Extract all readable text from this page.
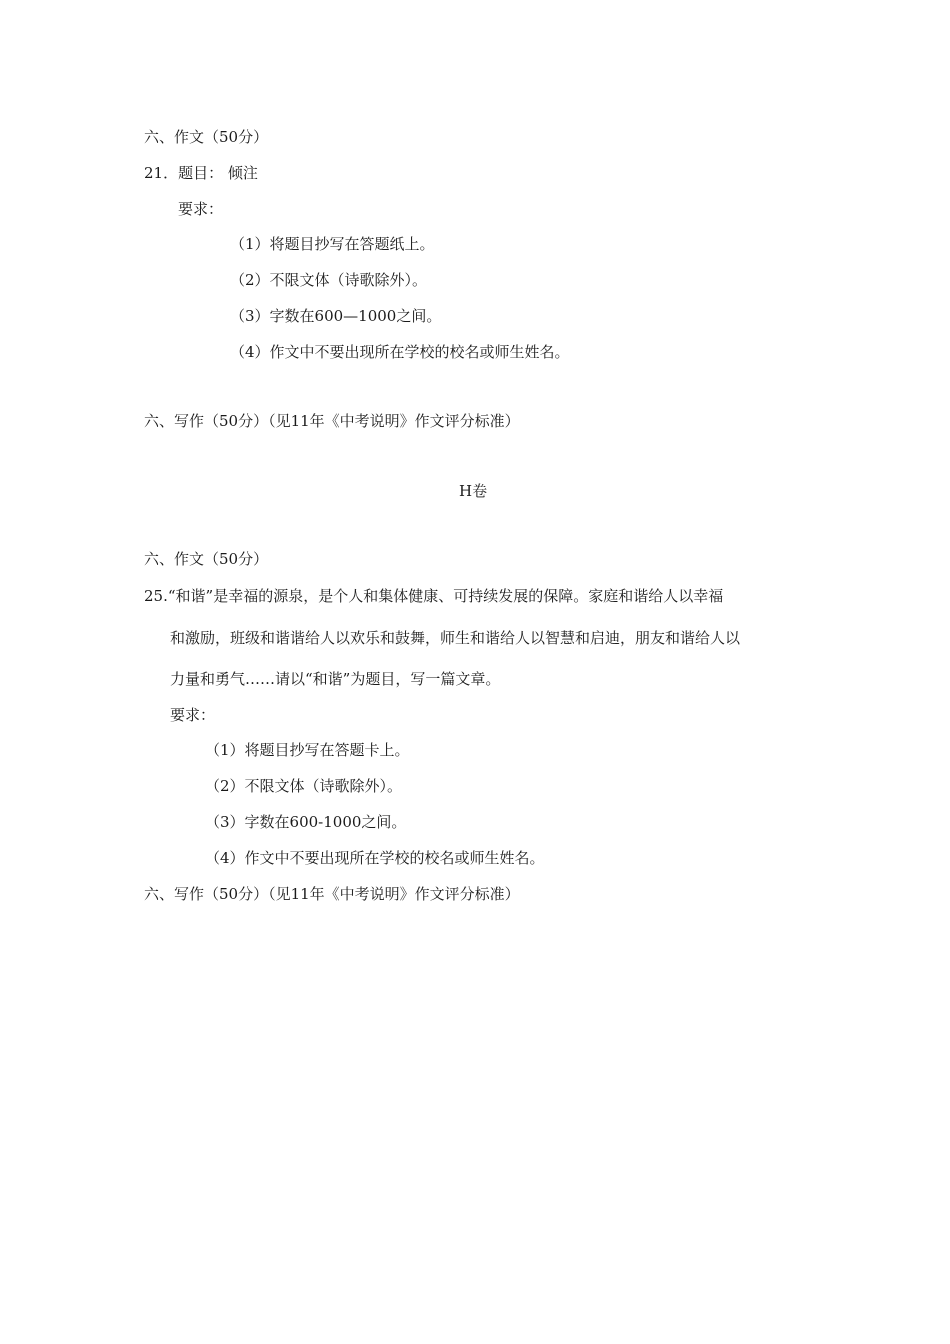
六、作文（50分）
21．题目： 倾注
要求：
（1）将题目抄写在答题纸上。
（2）不限文体（诗歌除外）。
（3）字数在600—1000之间。
（4）作文中不要出现所在学校的校名或师生姓名。
六、写作（50分）（见11年《中考说明》作文评分标准）
H卷
六、作文（50分）
25.“和谐”是幸福的源泉，是个人和集体健康、可持续发展的保障。家庭和谐给人以幸福
和激励，班级和谐谐给人以欢乐和鼓舞，师生和谐给人以智慧和启迪，朋友和谐给人以
力量和勇气……请以“和谐”为题目，写一篇文章。
要求：
（1）将题目抄写在答题卡上。
（2）不限文体（诗歌除外）。
（3）字数在600-1000之间。
（4）作文中不要出现所在学校的校名或师生姓名。
六、写作（50分）（见11年《中考说明》作文评分标准）
